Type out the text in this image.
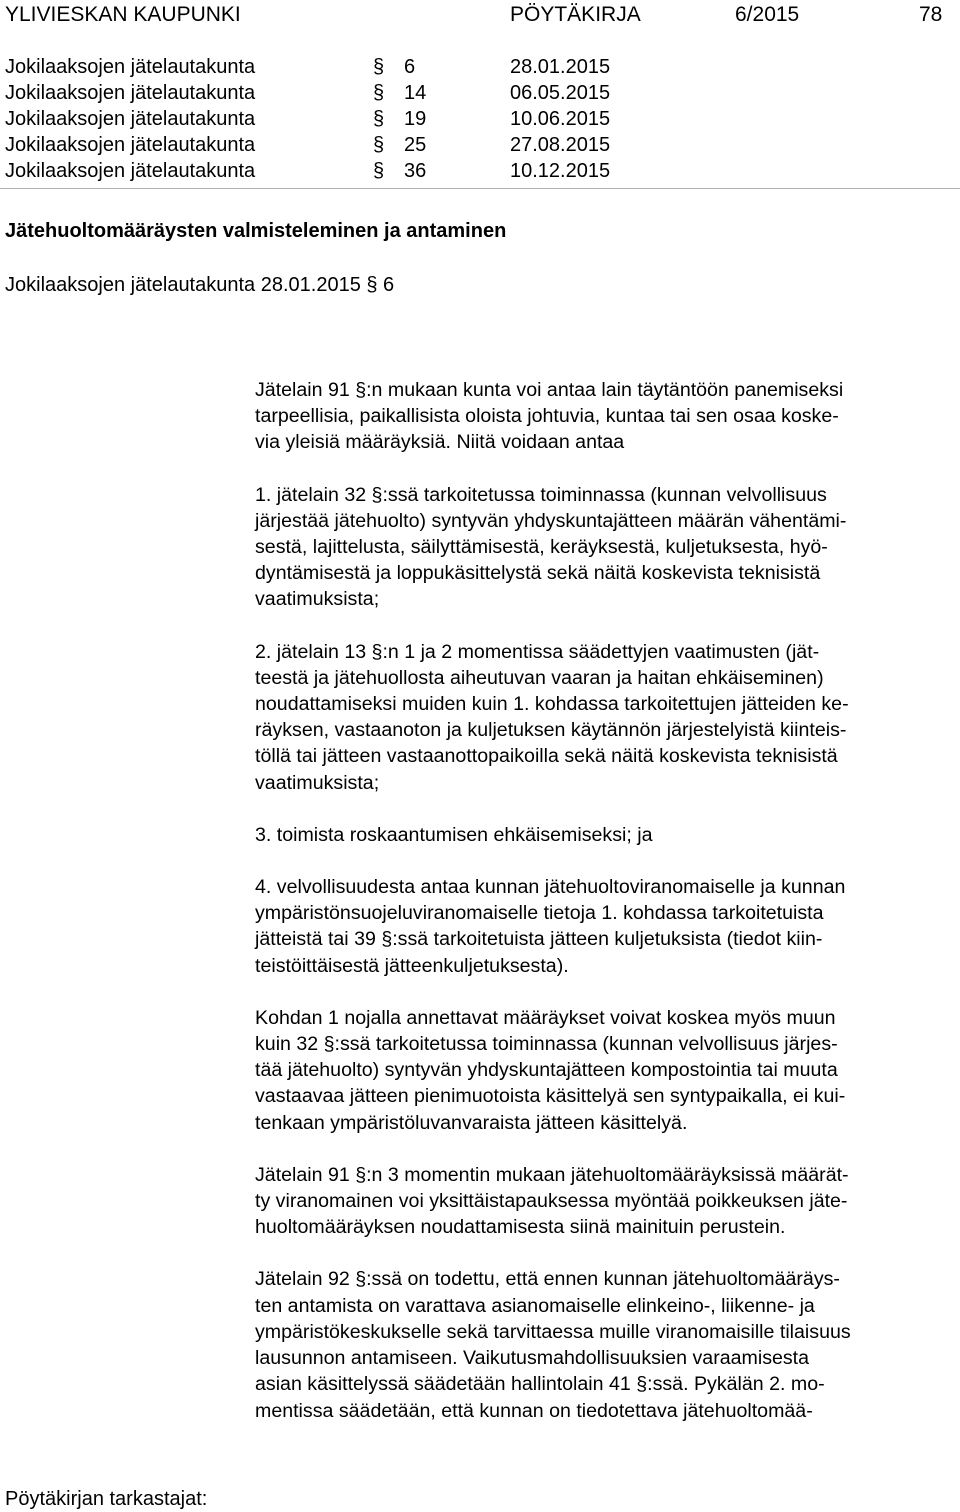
YLIVIESKAN KAUPUNKI	PÖYTÄKIRJA	6/2015	78
Jokilaaksojen jätelautakunta	§ 6	28.01.2015
Jokilaaksojen jätelautakunta	§ 14	06.05.2015
Jokilaaksojen jätelautakunta	§ 19	10.06.2015
Jokilaaksojen jätelautakunta	§ 25	27.08.2015
Jokilaaksojen jätelautakunta	§ 36	10.12.2015
Jätehuoltomääräysten valmisteleminen ja antaminen
Jokilaaksojen jätelautakunta 28.01.2015 § 6

Jätelain 91 §:n mukaan kunta voi antaa lain täytäntöön panemiseksi
tarpeellisia, paikallisista oloista johtuvia, kuntaa tai sen osaa koske-
via yleisiä määräyksiä. Niitä voidaan antaa

1. jätelain 32 §:ssä tarkoitetussa toiminnassa (kunnan velvollisuus
järjestää jätehuolto) syntyvän yhdyskuntajätteen määrän vähentämi-
sestä, lajittelusta, säilyttämisestä, keräyksestä, kuljetuksesta, hyö-
dyntämisestä ja loppukäsittelystä sekä näitä koskevista teknisistä
vaatimuksista;

2. jätelain 13 §:n 1 ja 2 momentissa säädettyjen vaatimusten (jät-
teestä ja jätehuollosta aiheutuvan vaaran ja haitan ehkäiseminen)
noudattamiseksi muiden kuin 1. kohdassa tarkoitettujen jätteiden ke-
räyksen, vastaanoton ja kuljetuksen käytännön järjestelyistä kiinteis-
töllä tai jätteen vastaanottopaikoilla sekä näitä koskevista teknisistä
vaatimuksista;

3. toimista roskaantumisen ehkäisemiseksi; ja

4. velvollisuudesta antaa kunnan jätehuoltoviranomaiselle ja kunnan
ympäristönsuojeluviranomaiselle tietoja 1. kohdassa tarkoitetuista
jätteistä tai 39 §:ssä tarkoitetuista jätteen kuljetuksista (tiedot kiin-
teistöittäisestä jätteenkuljetuksesta).

Kohdan 1 nojalla annettavat määräykset voivat koskea myös muun
kuin 32 §:ssä tarkoitetussa toiminnassa (kunnan velvollisuus järjes-
tää jätehuolto) syntyvän yhdyskuntajätteen kompostointia tai muuta
vastaavaa jätteen pienimuotoista käsittelyä sen syntypaikalla, ei kui-
tenkaan ympäristöluvanvaraista jätteen käsittelyä.

Jätelain 91 §:n 3 momentin mukaan jätehuoltomääräyksissä määrät-
ty viranomainen voi yksittäistapauksessa myöntää poikkeuksen jäte-
huoltomääräyksen noudattamisesta siinä mainituin perustein.

Jätelain 92 §:ssä on todettu, että ennen kunnan jätehuoltomääräys-
ten antamista on varattava asianomaiselle elinkeino-, liikenne- ja
ympäristökeskukselle sekä tarvittaessa muille viranomaisille tilaisuus
lausunnon antamiseen. Vaikutusmahdollisuuksien varaamisesta
asian käsittelyssä säädetään hallintolain 41 §:ssä. Pykälän 2. mo-
mentissa säädetään, että kunnan on tiedotettava jätehuoltomää-

Pöytäkirjan tarkastajat:
